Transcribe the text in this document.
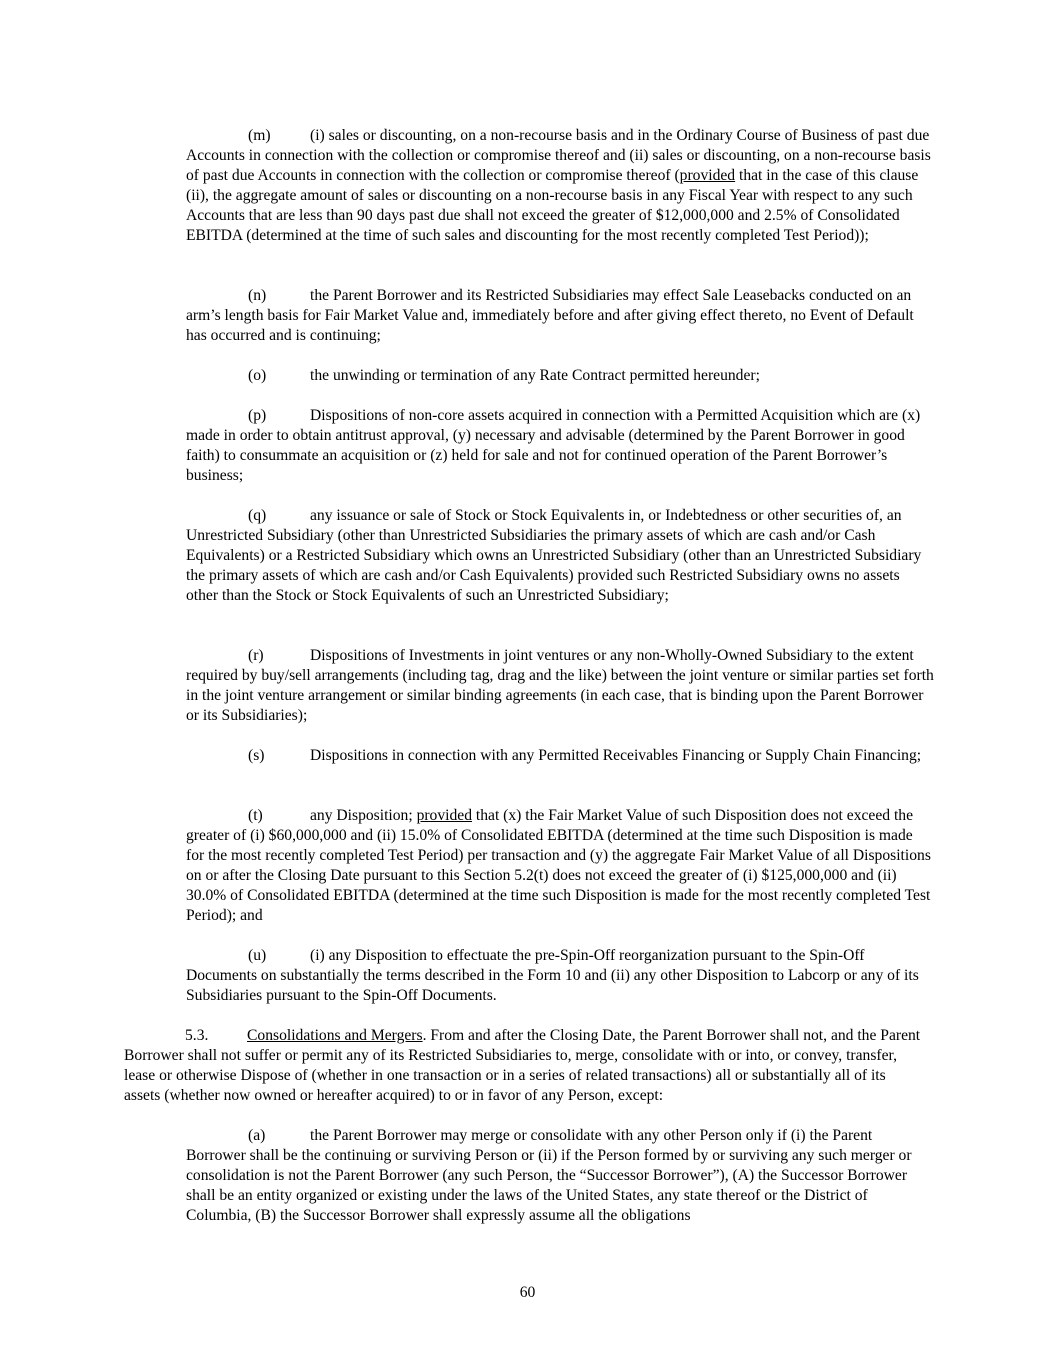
(m)	(i) sales or discounting, on a non-recourse basis and in the Ordinary Course of Business of past due Accounts in connection with the collection or compromise thereof and (ii) sales or discounting, on a non-recourse basis of past due Accounts in connection with the collection or compromise thereof (provided that in the case of this clause (ii), the aggregate amount of sales or discounting on a non-recourse basis in any Fiscal Year with respect to any such Accounts that are less than 90 days past due shall not exceed the greater of $12,000,000 and 2.5% of Consolidated EBITDA (determined at the time of such sales and discounting for the most recently completed Test Period));

(n)	the Parent Borrower and its Restricted Subsidiaries may effect Sale Leasebacks conducted on an arm’s length basis for Fair Market Value and, immediately before and after giving effect thereto, no Event of Default has occurred and is continuing;

(o)	the unwinding or termination of any Rate Contract permitted hereunder;

(p)	Dispositions of non-core assets acquired in connection with a Permitted Acquisition which are (x) made in order to obtain antitrust approval, (y) necessary and advisable (determined by the Parent Borrower in good faith) to consummate an acquisition or (z) held for sale and not for continued operation of the Parent Borrower’s business;

(q)	any issuance or sale of Stock or Stock Equivalents in, or Indebtedness or other securities of, an Unrestricted Subsidiary (other than Unrestricted Subsidiaries the primary assets of which are cash and/or Cash Equivalents) or a Restricted Subsidiary which owns an Unrestricted Subsidiary (other than an Unrestricted Subsidiary the primary assets of which are cash and/or Cash Equivalents) provided such Restricted Subsidiary owns no assets other than the Stock or Stock Equivalents of such an Unrestricted Subsidiary;

(r)	Dispositions of Investments in joint ventures or any non-Wholly-Owned Subsidiary to the extent required by buy/sell arrangements (including tag, drag and the like) between the joint venture or similar parties set forth in the joint venture arrangement or similar binding agreements (in each case, that is binding upon the Parent Borrower or its Subsidiaries);

(s)	Dispositions in connection with any Permitted Receivables Financing or Supply Chain Financing;

(t)	any Disposition; provided that (x) the Fair Market Value of such Disposition does not exceed the greater of (i) $60,000,000 and (ii) 15.0% of Consolidated EBITDA (determined at the time such Disposition is made for the most recently completed Test Period) per transaction and (y) the aggregate Fair Market Value of all Dispositions on or after the Closing Date pursuant to this Section 5.2(t) does not exceed the greater of (i) $125,000,000 and (ii) 30.0% of Consolidated EBITDA (determined at the time such Disposition is made for the most recently completed Test Period); and

(u)	(i) any Disposition to effectuate the pre-Spin-Off reorganization pursuant to the Spin-Off Documents on substantially the terms described in the Form 10 and (ii) any other Disposition to Labcorp or any of its Subsidiaries pursuant to the Spin-Off Documents.

5.3. Consolidations and Mergers. From and after the Closing Date, the Parent Borrower shall not, and the Parent Borrower shall not suffer or permit any of its Restricted Subsidiaries to, merge, consolidate with or into, or convey, transfer, lease or otherwise Dispose of (whether in one transaction or in a series of related transactions) all or substantially all of its assets (whether now owned or hereafter acquired) to or in favor of any Person, except:

(a)	the Parent Borrower may merge or consolidate with any other Person only if (i) the Parent Borrower shall be the continuing or surviving Person or (ii) if the Person formed by or surviving any such merger or consolidation is not the Parent Borrower (any such Person, the “Successor Borrower”), (A) the Successor Borrower shall be an entity organized or existing under the laws of the United States, any state thereof or the District of Columbia, (B) the Successor Borrower shall expressly assume all the obligations

60
